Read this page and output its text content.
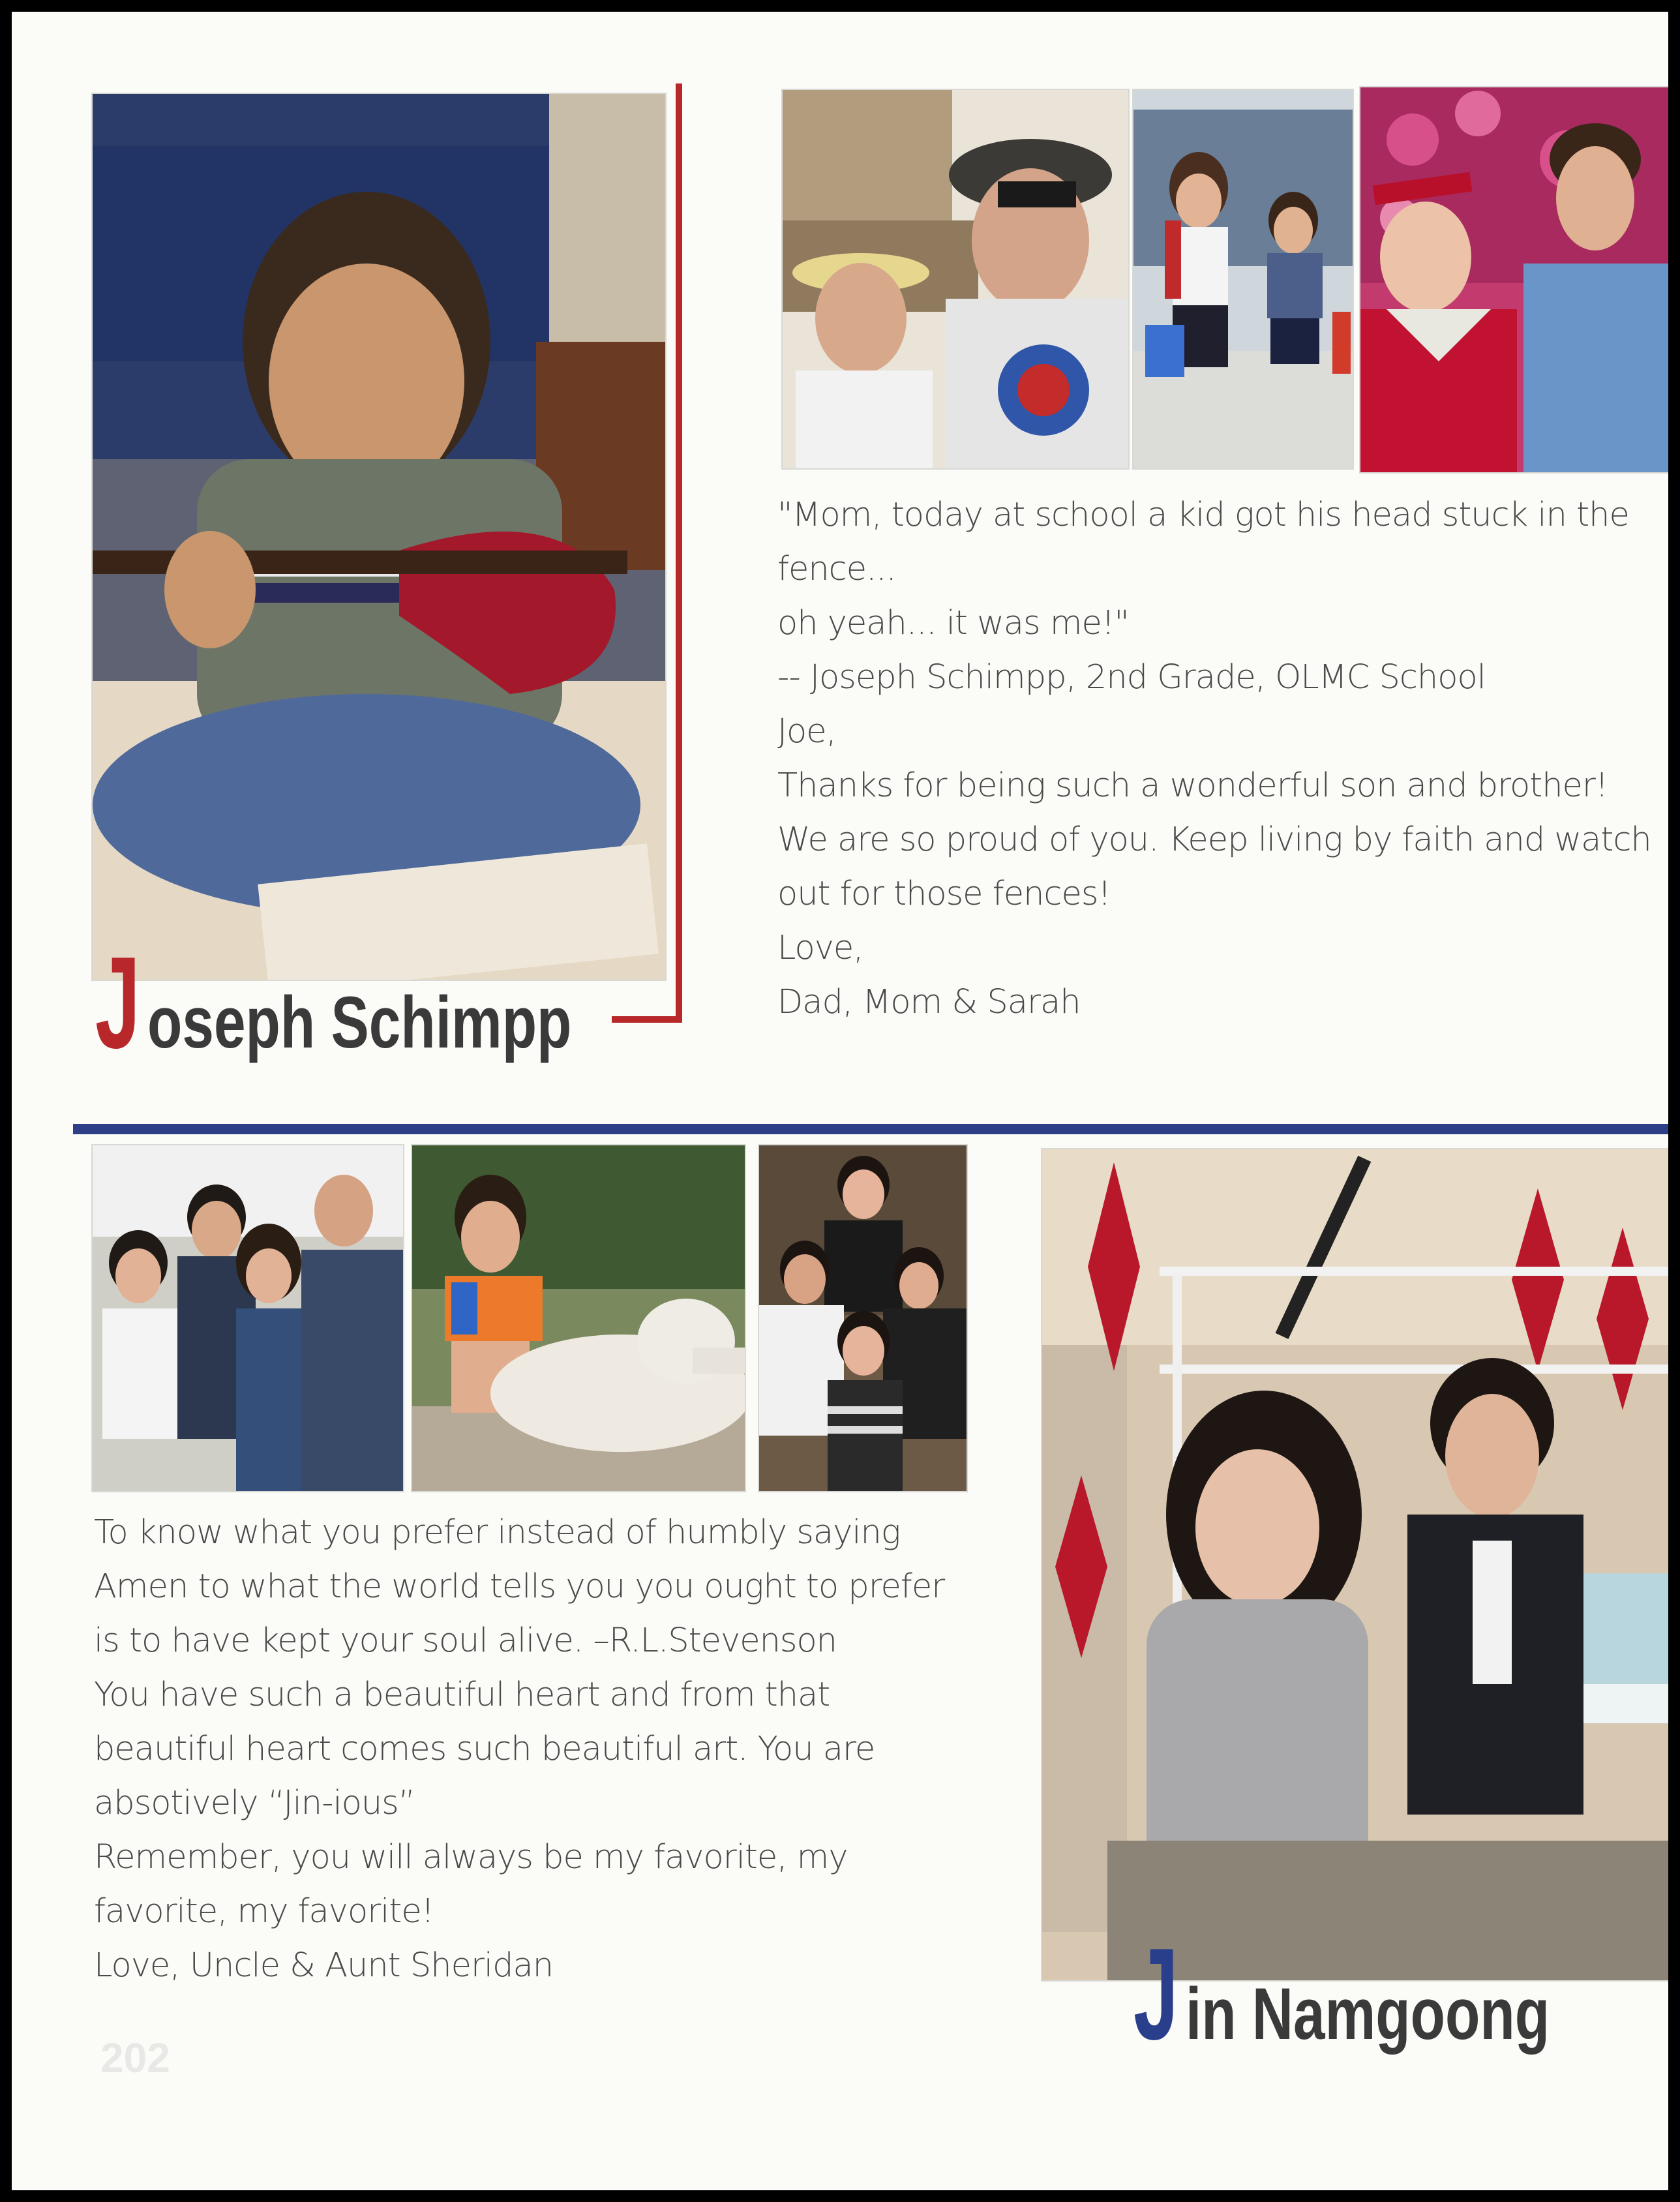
J oseph Schimpp
"Mom, today at school a kid got his head stuck in the
fence...
oh yeah... it was me!"
-- Joseph Schimpp, 2nd Grade, OLMC School
Joe,
Thanks for being such a wonderful son and brother!
We are so proud of you. Keep living by faith and watch
out for those fences!
Love,
Dad, Mom & Sarah
To know what you prefer instead of humbly saying
Amen to what the world tells you you ought to prefer
is to have kept your soul alive. –R.L.Stevenson
You have such a beautiful heart and from that
beautiful heart comes such beautiful art. You are
absotively “Jin-ious”
Remember, you will always be my favorite, my
favorite, my favorite!
Love, Uncle & Aunt Sheridan	J in Namgoong
202
